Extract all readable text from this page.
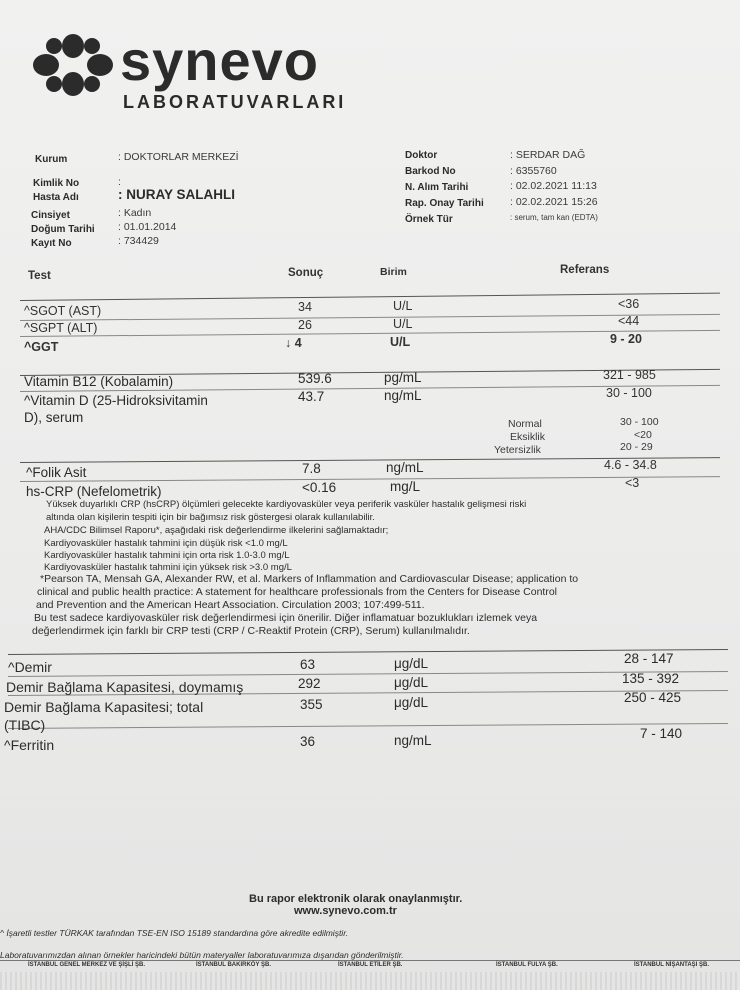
synevo
LABORATUVARLARI
Kurum	: DOKTORLAR MERKEZİ
Kimlik No	:
Hasta Adı	: NURAY SALAHLI
Cinsiyet	: Kadın
Doğum Tarihi : 01.01.2014
Kayıt No	: 734429
Doktor	: SERDAR DAĞ
Barkod No	: 6355760
N. Alım Tarihi	: 02.02.2021 11:13
Rap. Onay Tarihi	: 02.02.2021 15:26
Örnek Tür	: serum, tam kan (EDTA)
Test	Sonuç	Birim	Referans
^SGOT (AST)	34	U/L	<36
^SGPT (ALT)	26	U/L	<44
^GGT	↓ 4	U/L	9 - 20
Vitamin B12 (Kobalamin)	539.6	pg/mL	321 - 985
^Vitamin D (25-Hidroksivitamin
D), serum
43.7	ng/mL	30 - 100
Normal	30 - 100
Eksiklik	<20
Yetersizlik	20 - 29
^Folik Asit	7.8	ng/mL	4.6 - 34.8
hs-CRP (Nefelometrik)	<0.16	mg/L	<3
Yüksek duyarlıklı CRP (hsCRP) ölçümleri gelecekte kardiyovasküler veya periferik vasküler hastalık gelişmesi riski
altında olan kişilerin tespiti için bir bağımsız risk göstergesi olarak kullanılabilir.
AHA/CDC Bilimsel Raporu*, aşağıdaki risk değerlendirme ilkelerini sağlamaktadır;
Kardiyovasküler hastalık tahmini için düşük risk <1.0 mg/L
Kardiyovasküler hastalık tahmini için orta risk 1.0-3.0 mg/L
Kardiyovasküler hastalık tahmini için yüksek risk >3.0 mg/L
*Pearson TA, Mensah GA, Alexander RW, et al. Markers of Inflammation and Cardiovascular Disease; application to
clinical and public health practice: A statement for healthcare professionals from the Centers for Disease Control
and Prevention and the American Heart Association. Circulation 2003; 107:499-511.
Bu test sadece kardiyovasküler risk değerlendirmesi için önerilir. Diğer inflamatuar bozuklukları izlemek veya
değerlendirmek için farklı bir CRP testi (CRP / C-Reaktif Protein (CRP), Serum) kullanılmalıdır.
^Demir	63	μg/dL	28 - 147
Demir Bağlama Kapasitesi, doymamış	292	μg/dL	135 - 392
Demir Bağlama Kapasitesi; total
(TIBC)
355	μg/dL	250 - 425
^Ferritin	36	ng/mL	7 - 140
Bu rapor elektronik olarak onaylanmıştır.
www.synevo.com.tr
^ İşaretli testler TÜRKAK tarafından TSE-EN ISO 15189 standardına göre akredite edilmiştir.
Laboratuvarımızdan alınan örnekler haricindeki bütün materyaller laboratuvarımıza dışarıdan gönderilmiştir.
İSTANBUL GENEL MERKEZ VE ŞİŞLİ ŞB.	İSTANBUL BAKIRKÖY ŞB.	İSTANBUL ETİLER ŞB.	İSTANBUL FULYA ŞB.	İSTANBUL NİŞANTAŞI ŞB.
